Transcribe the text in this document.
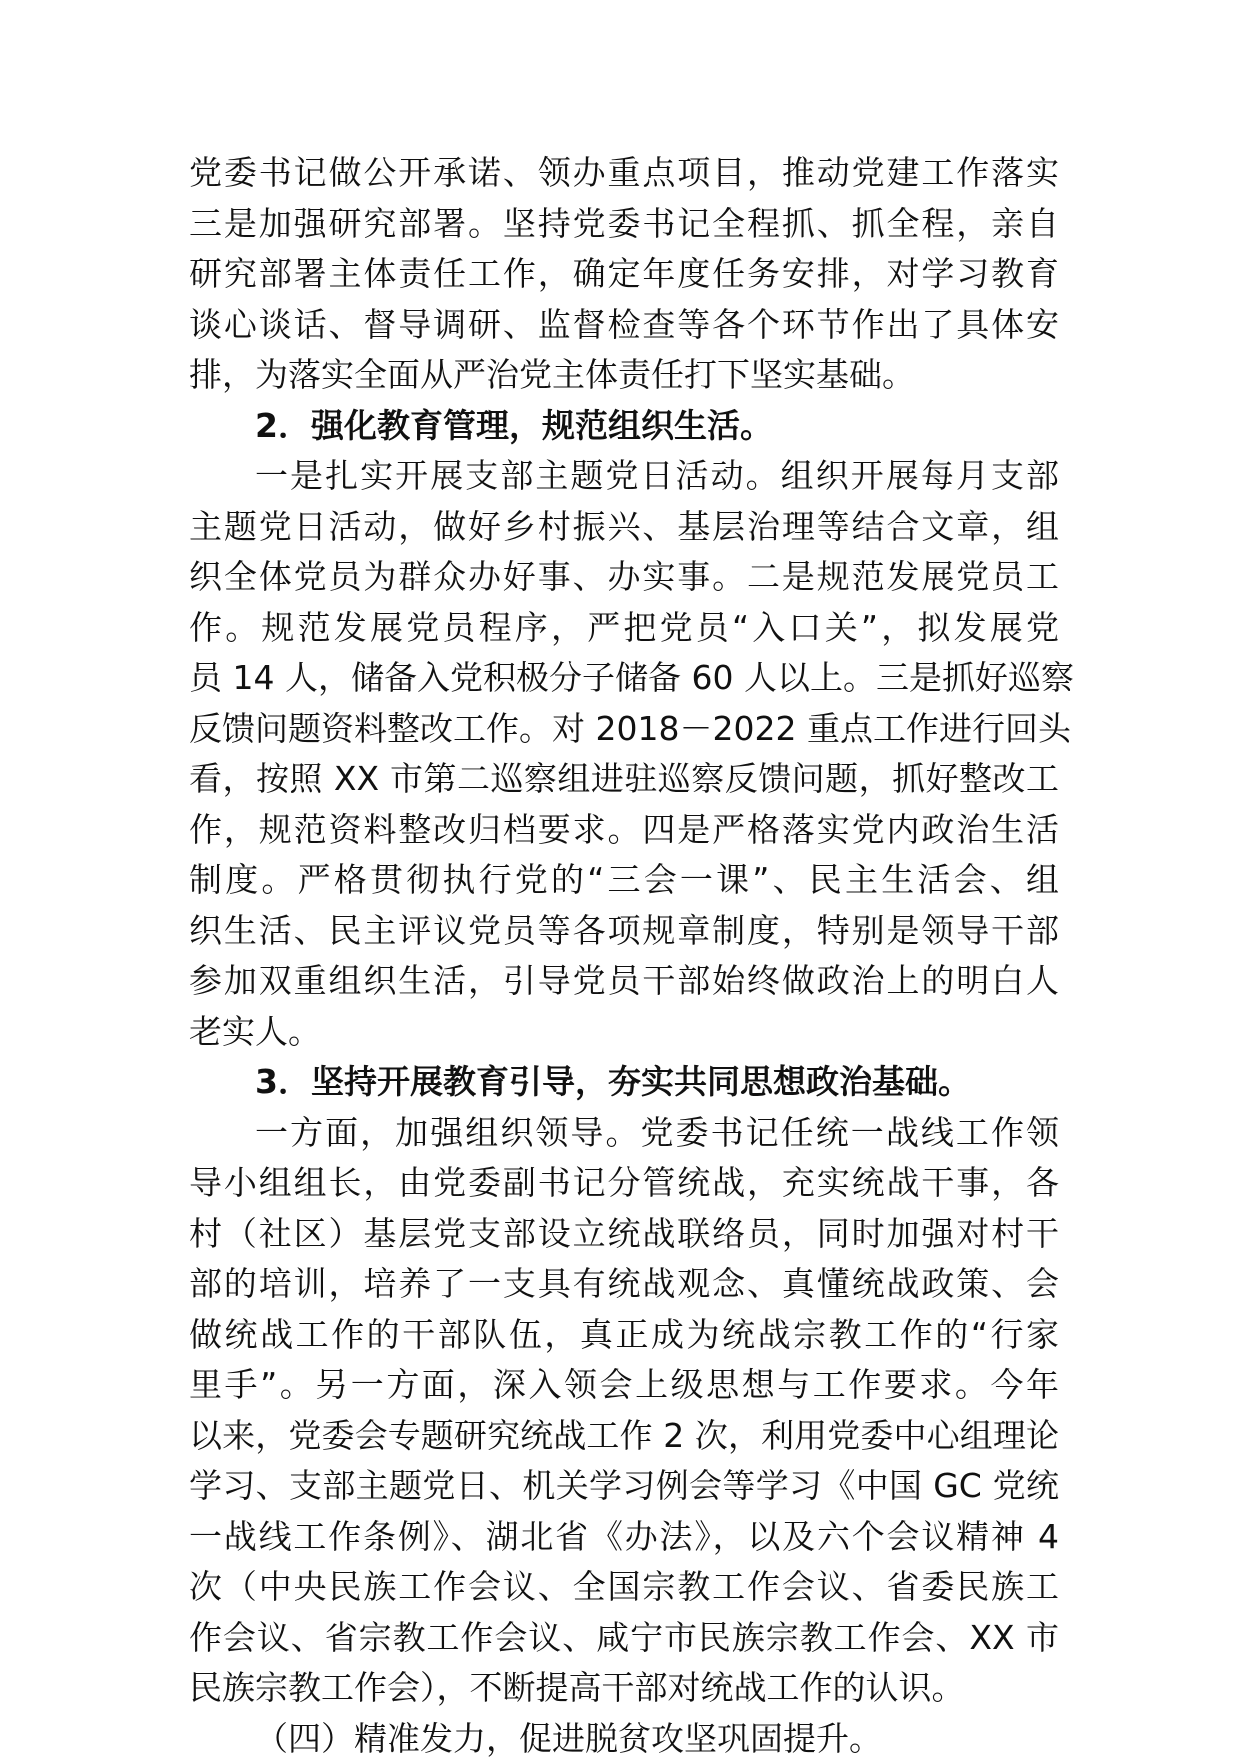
党委书记做公开承诺、领办重点项目，推动党建工作落实
三是加强研究部署。坚持党委书记全程抓、抓全程，亲自
研究部署主体责任工作，确定年度任务安排，对学习教育
谈心谈话、督导调研、监督检查等各个环节作出了具体安
排，为落实全面从严治党主体责任打下坚实基础。
2．强化教育管理，规范组织生活。
一是扎实开展支部主题党日活动。组织开展每月支部
主题党日活动，做好乡村振兴、基层治理等结合文章，组
织全体党员为群众办好事、办实事。二是规范发展党员工
作。规范发展党员程序，严把党员“入口关”，拟发展党
员 14 人，储备入党积极分子储备 60 人以上。三是抓好巡察
反馈问题资料整改工作。对 2018－2022 重点工作进行回头
看，按照 XX 市第二巡察组进驻巡察反馈问题，抓好整改工
作，规范资料整改归档要求。四是严格落实党内政治生活
制度。严格贯彻执行党的“三会一课”、民主生活会、组
织生活、民主评议党员等各项规章制度，特别是领导干部
参加双重组织生活，引导党员干部始终做政治上的明白人
老实人。
3．坚持开展教育引导，夯实共同思想政治基础。
一方面，加强组织领导。党委书记任统一战线工作领
导小组组长，由党委副书记分管统战，充实统战干事，各
村（社区）基层党支部设立统战联络员，同时加强对村干
部的培训，培养了一支具有统战观念、真懂统战政策、会
做统战工作的干部队伍，真正成为统战宗教工作的“行家
里手”。另一方面，深入领会上级思想与工作要求。今年
以来，党委会专题研究统战工作 2 次，利用党委中心组理论
学习、支部主题党日、机关学习例会等学习《中国 GC 党统
一战线工作条例》、湖北省《办法》，以及六个会议精神 4
次（中央民族工作会议、全国宗教工作会议、省委民族工
作会议、省宗教工作会议、咸宁市民族宗教工作会、XX 市
民族宗教工作会），不断提高干部对统战工作的认识。
（四）精准发力，促进脱贫攻坚巩固提升。
